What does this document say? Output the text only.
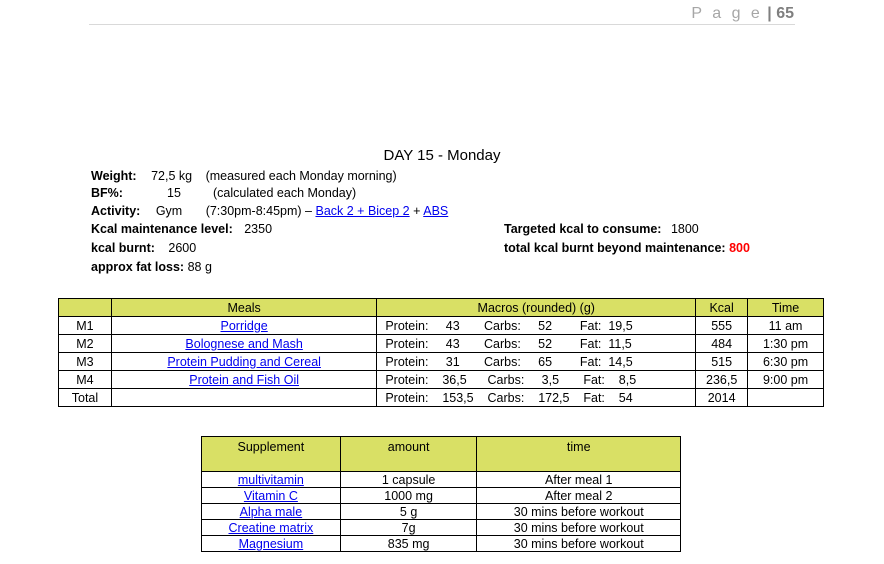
P a g e | 65
DAY 15 - Monday
Weight: 72,5 kg (measured each Monday morning)
BF%:	15	(calculated each Monday)
Activity: Gym (7:30pm-8:45pm) – Back 2 + Bicep 2 + ABS
Kcal maintenance level: 2350
kcal burnt: 2600
approx fat loss: 88 g
Targeted kcal to consume: 1800
total kcal burnt beyond maintenance: 800
	Meals	Macros (rounded) (g)	Kcal	Time
M1	Porridge	Protein:     43       Carbs:     52        Fat:  19,5	555	11 am
M2	Bolognese and Mash	Protein:     43       Carbs:     52        Fat:  11,5	484	1:30 pm
M3	Protein Pudding and Cereal	Protein:     31       Carbs:     65        Fat:  14,5	515	6:30 pm
M4	Protein and Fish Oil	Protein:    36,5      Carbs:     3,5       Fat:    8,5	236,5	9:00 pm
Total		Protein:    153,5    Carbs:    172,5    Fat:    54	2014	
Supplement	amount	time
multivitamin	1 capsule	After meal 1
Vitamin C	1000 mg	After meal 2
Alpha male	5 g	30 mins before workout
Creatine matrix	7g	30 mins before workout
Magnesium	835 mg	30 mins before workout
